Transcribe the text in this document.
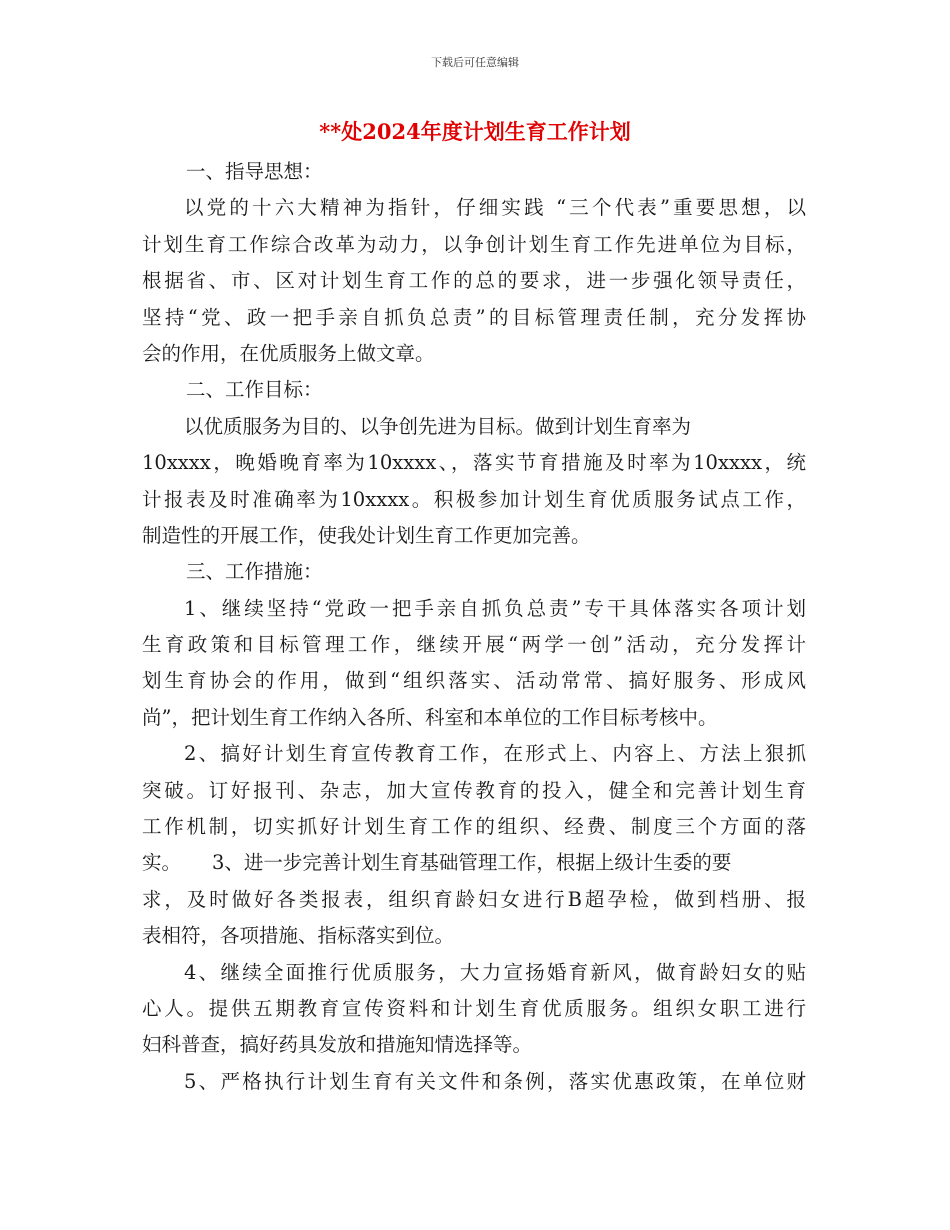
下载后可任意编辑
**处2024年度计划生育工作计划
一、指导思想：
以党的十六大精神为指针，仔细实践 “三个代表”重要思想，以
计划生育工作综合改革为动力，以争创计划生育工作先进单位为目标，
根据省、市、区对计划生育工作的总的要求，进一步强化领导责任，
坚持“党、政一把手亲自抓负总责”的目标管理责任制，充分发挥协
会的作用，在优质服务上做文章。
二、工作目标：
以优质服务为目的、以争创先进为目标。做到计划生育率为
10xxxx，晚婚晚育率为10xxxx、，落实节育措施及时率为10xxxx，统
计报表及时准确率为10xxxx。积极参加计划生育优质服务试点工作，
制造性的开展工作，使我处计划生育工作更加完善。
三、工作措施：
1、继续坚持“党政一把手亲自抓负总责”专干具体落实各项计划
生育政策和目标管理工作，继续开展“两学一创”活动，充分发挥计
划生育协会的作用，做到“组织落实、活动常常、搞好服务、形成风
尚”，把计划生育工作纳入各所、科室和本单位的工作目标考核中。
2、搞好计划生育宣传教育工作，在形式上、内容上、方法上狠抓
突破。订好报刊、杂志，加大宣传教育的投入，健全和完善计划生育
工作机制，切实抓好计划生育工作的组织、经费、制度三个方面的落
实。     3、进一步完善计划生育基础管理工作，根据上级计生委的要
求，及时做好各类报表，组织育龄妇女进行B超孕检，做到档册、报
表相符，各项措施、指标落实到位。
4、继续全面推行优质服务，大力宣扬婚育新风，做育龄妇女的贴
心人。提供五期教育宣传资料和计划生育优质服务。组织女职工进行
妇科普查，搞好药具发放和措施知情选择等。
5、严格执行计划生育有关文件和条例，落实优惠政策，在单位财
